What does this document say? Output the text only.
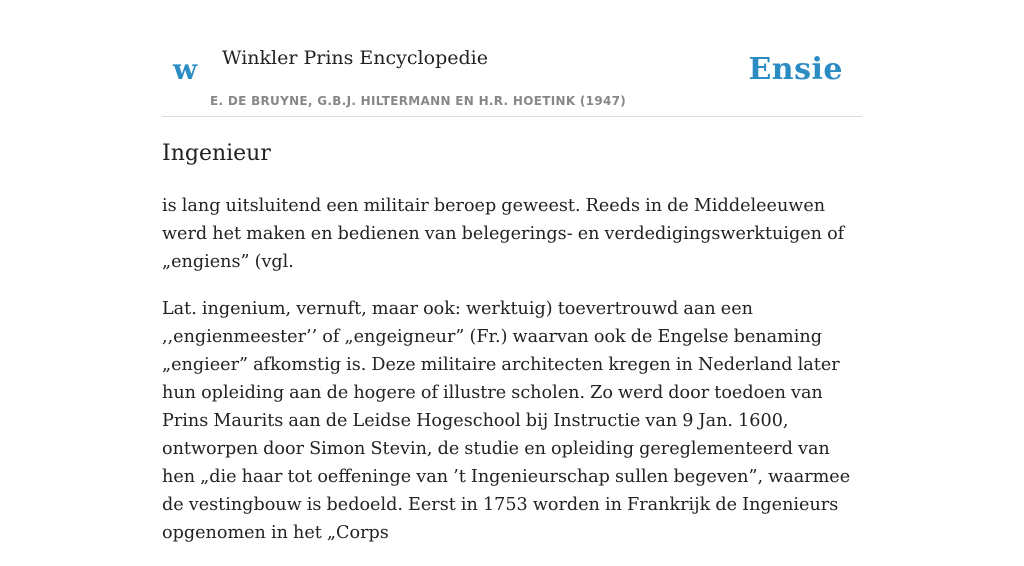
w Winkler Prins Encyclopedie
E. DE BRUYNE, G.B.J. HILTERMANN EN H.R. HOETINK (1947)
Ensie
Ingenieur

is lang uitsluitend een militair beroep geweest. Reeds in de Middeleeuwen werd het maken en bedienen van belegerings- en verdedigingswerktuigen of „engiens” (vgl.

Lat. ingenium, vernuft, maar ook: werktuig) toevertrouwd aan een ,,engienmeester’’ of „engeigneur” (Fr.) waarvan ook de Engelse benaming „engieer” afkomstig is. Deze militaire architecten kregen in Nederland later hun opleiding aan de hogere of illustre scholen. Zo werd door toedoen van Prins Maurits aan de Leidse Hogeschool bij Instructie van 9 Jan. 1600, ontworpen door Simon Stevin, de studie en opleiding gereglementeerd van hen „die haar tot oeffeninge van ’t Ingenieurschap sullen begeven”, waarmee de vestingbouw is bedoeld. Eerst in 1753 worden in Frankrijk de Ingenieurs opgenomen in het „Corps
